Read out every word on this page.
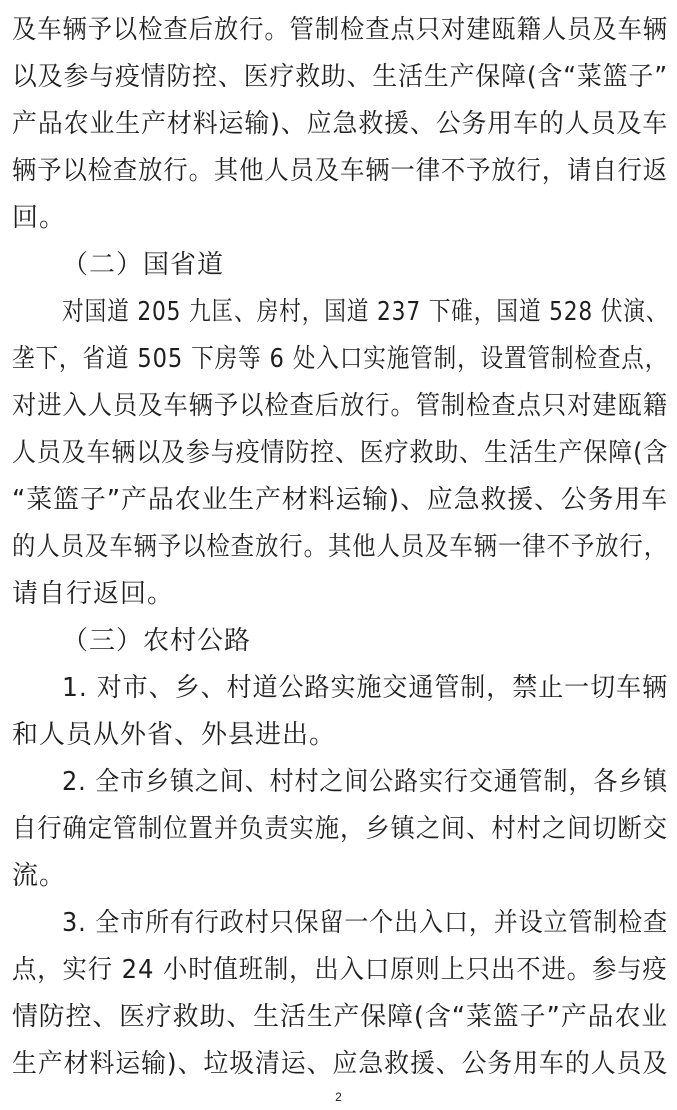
及车辆予以检查后放行。管制检查点只对建瓯籍人员及车辆
以及参与疫情防控、医疗救助、生活生产保障(含“菜篮子”
产品农业生产材料运输)、应急救援、公务用车的人员及车
辆予以检查放行。其他人员及车辆一律不予放行，请自行返
回。
（二）国省道
对国道 205 九匡、房村，国道 237 下碓，国道 528 伏演、
垄下，省道 505 下房等 6 处入口实施管制，设置管制检查点，
对进入人员及车辆予以检查后放行。管制检查点只对建瓯籍
人员及车辆以及参与疫情防控、医疗救助、生活生产保障(含
“菜篮子”产品农业生产材料运输)、应急救援、公务用车
的人员及车辆予以检查放行。其他人员及车辆一律不予放行，
请自行返回。
（三）农村公路
1. 对市、乡、村道公路实施交通管制，禁止一切车辆
和人员从外省、外县进出。
2. 全市乡镇之间、村村之间公路实行交通管制，各乡镇
自行确定管制位置并负责实施，乡镇之间、村村之间切断交
流。
3. 全市所有行政村只保留一个出入口，并设立管制检查
点，实行 24 小时值班制，出入口原则上只出不进。参与疫
情防控、医疗救助、生活生产保障(含“菜篮子”产品农业
生产材料运输)、垃圾清运、应急救援、公务用车的人员及
2
